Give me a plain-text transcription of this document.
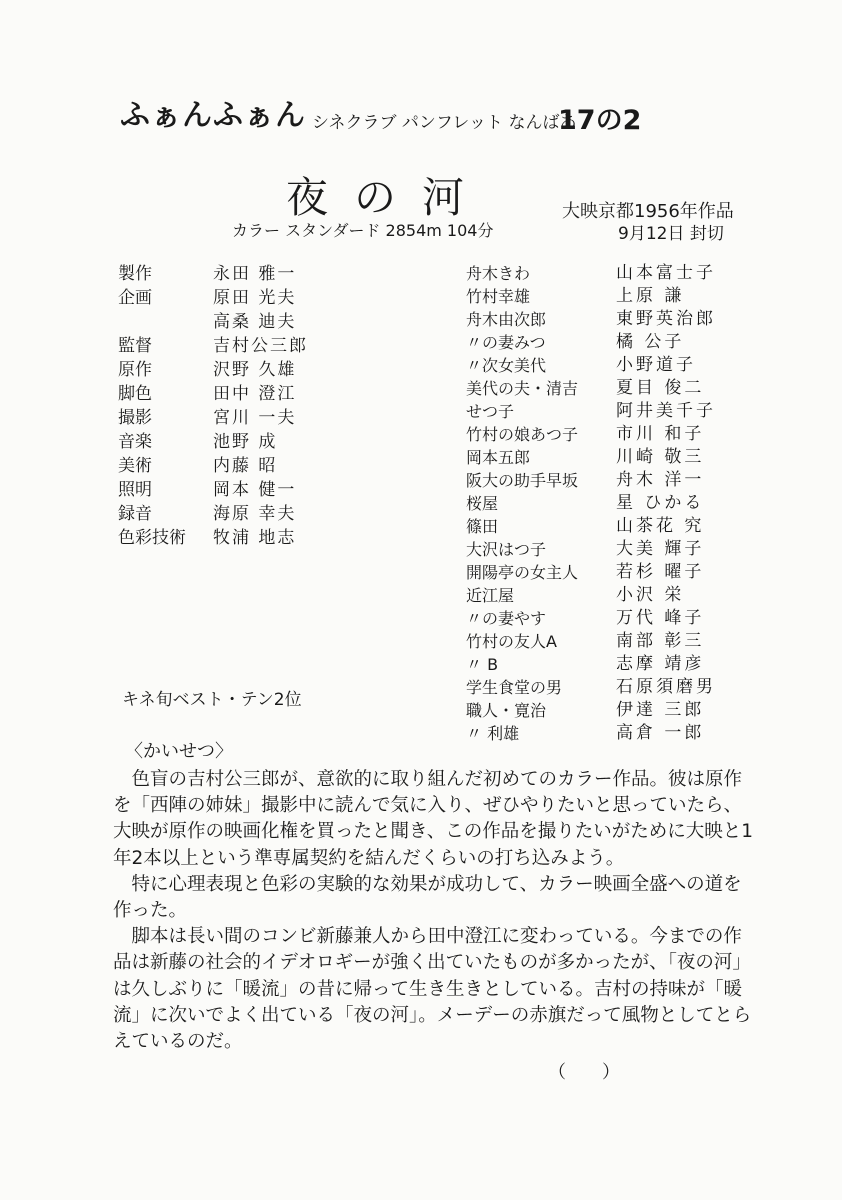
ふぁんふぁん シネクラブ パンフレット なんばあ
17の2
夜の河	大映京都1956年作品
カラー スタンダード 2854m 104分	9月12日 封切
製作	永田 雅一
企画	原田 光夫
高桑 迪夫
監督	吉村公三郎
原作	沢野 久雄
脚色	田中 澄江
撮影	宮川 一夫
音楽	池野 成
美術	内藤 昭
照明	岡本 健一
録音	海原 幸夫
色彩技術 牧浦 地志
舟木きわ	山本富士子
竹村幸雄	上原 謙
舟木由次郎	東野英治郎
〃の妻みつ	橘 公子
〃次女美代	小野道子
美代の夫・清吉 夏目 俊二
せつ子	阿井美千子
竹村の娘あつ子 市川 和子
岡本五郎	川崎 敬三
阪大の助手早坂 舟木 洋一
桜屋	星 ひかる
篠田	山茶花 究
大沢はつ子	大美 輝子
開陽亭の女主人 若杉 曜子
近江屋	小沢 栄
〃の妻やす	万代 峰子
竹村の友人A	南部 彰三
〃 B	志摩 靖彦
学生食堂の男	石原須磨男
職人・寛治	伊達 三郎
〃 利雄	高倉 一郎
キネ旬ベスト・テン2位
〈かいせつ〉

色盲の吉村公三郎が、意欲的に取り組んだ初めてのカラー作品。彼は原作を「西陣の姉妹」撮影中に読んで気に入り、ぜひやりたいと思っていたら、大映が原作の映画化権を買ったと聞き、この作品を撮りたいがために大映と1年2本以上という準専属契約を結んだくらいの打ち込みよう。

特に心理表現と色彩の実験的な効果が成功して、カラー映画全盛への道を作った。

脚本は長い間のコンビ新藤兼人から田中澄江に変わっている。今までの作品は新藤の社会的イデオロギーが強く出ていたものが多かったが、「夜の河」は久しぶりに「暖流」の昔に帰って生き生きとしている。吉村の持味が「暖流」に次いでよく出ている「夜の河」。メーデーの赤旗だって風物としてとらえているのだ。

（　　）
